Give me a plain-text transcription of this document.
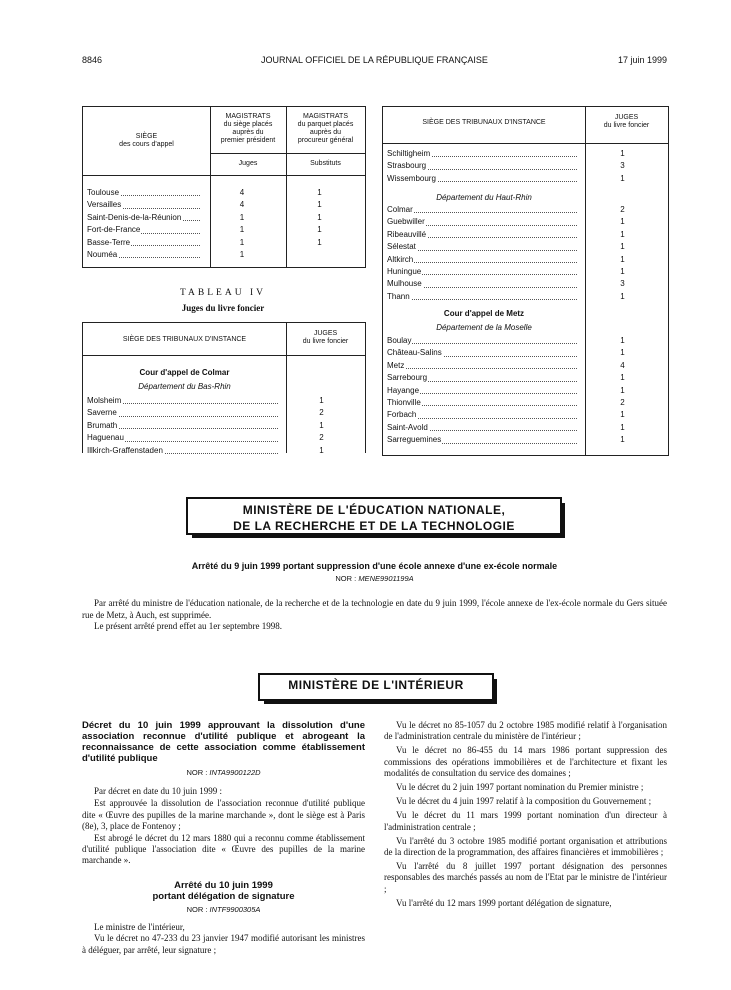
8846	JOURNAL OFFICIEL DE LA RÉPUBLIQUE FRANÇAISE	17 juin 1999
SIÈGE
des cours d'appel
MAGISTRATS
du siège placés
auprès du
premier président
MAGISTRATS
du parquet placés
auprès du
procureur général
Juges	Substituts
Toulouse	4	1
Versailles	4	1
Saint-Denis-de-la-Réunion	1	1
Fort-de-France	1	1
Basse-Terre	1	1
Nouméa	1
TABLEAU IV
Juges du livre foncier
SIÈGE DES TRIBUNAUX D'INSTANCE
JUGES
du livre foncier
Cour d'appel de Colmar
Département du Bas-Rhin
Molsheim	1
Saverne	2
Brumath	1
Haguenau	2
Illkirch-Graffenstaden	1
SIÈGE DES TRIBUNAUX D'INSTANCE
JUGES
du livre foncier
Schiltigheim	1
Strasbourg	3
Wissembourg	1
Département du Haut-Rhin
Colmar	2
Guebwiller	1
Ribeauvillé	1
Sélestat	1
Altkirch	1
Huningue	1
Mulhouse	3
Thann	1
Cour d'appel de Metz
Département de la Moselle
Boulay	1
Château-Salins	1
Metz	4
Sarrebourg	1
Hayange	1
Thionville	2
Forbach	1
Saint-Avold	1
Sarreguemines	1
MINISTÈRE DE L'ÉDUCATION NATIONALE,
DE LA RECHERCHE ET DE LA TECHNOLOGIE
Arrêté du 9 juin 1999 portant suppression d'une école annexe d'une ex-école normale
NOR : MENE9901199A

Par arrêté du ministre de l'éducation nationale, de la recherche et de la technologie en date du 9 juin 1999, l'école annexe de l'ex-école normale du Gers située rue de Metz, à Auch, est supprimée.

Le présent arrêté prend effet au 1er septembre 1998.

MINISTÈRE DE L'INTÉRIEUR
Décret du 10 juin 1999 approuvant la dissolution d'une association reconnue d'utilité publique et abrogeant la reconnaissance de cette association comme établissement d'utilité publique
NOR : INTA9900122D

Par décret en date du 10 juin 1999 :

Est approuvée la dissolution de l'association reconnue d'utilité publique dite « Œuvre des pupilles de la marine marchande », dont le siège est à Paris (8e), 3, place de Fontenoy ;

Est abrogé le décret du 12 mars 1880 qui a reconnu comme établissement d'utilité publique l'association dite « Œuvre des pupilles de la marine marchande ».

Arrêté du 10 juin 1999
portant délégation de signature
NOR : INTF9900305A

Le ministre de l'intérieur,

Vu le décret no 47-233 du 23 janvier 1947 modifié autorisant les ministres à déléguer, par arrêté, leur signature ;

Vu le décret no 85-1057 du 2 octobre 1985 modifié relatif à l'organisation de l'administration centrale du ministère de l'intérieur ;

Vu le décret no 86-455 du 14 mars 1986 portant suppression des commissions des opérations immobilières et de l'architecture et fixant les modalités de consultation du service des domaines ;

Vu le décret du 2 juin 1997 portant nomination du Premier ministre ;

Vu le décret du 4 juin 1997 relatif à la composition du Gouvernement ;

Vu le décret du 11 mars 1999 portant nomination d'un directeur à l'administration centrale ;

Vu l'arrêté du 3 octobre 1985 modifié portant organisation et attributions de la direction de la programmation, des affaires financières et immobilières ;

Vu l'arrêté du 8 juillet 1997 portant désignation des personnes responsables des marchés passés au nom de l'Etat par le ministre de l'intérieur ;

Vu l'arrêté du 12 mars 1999 portant délégation de signature,
